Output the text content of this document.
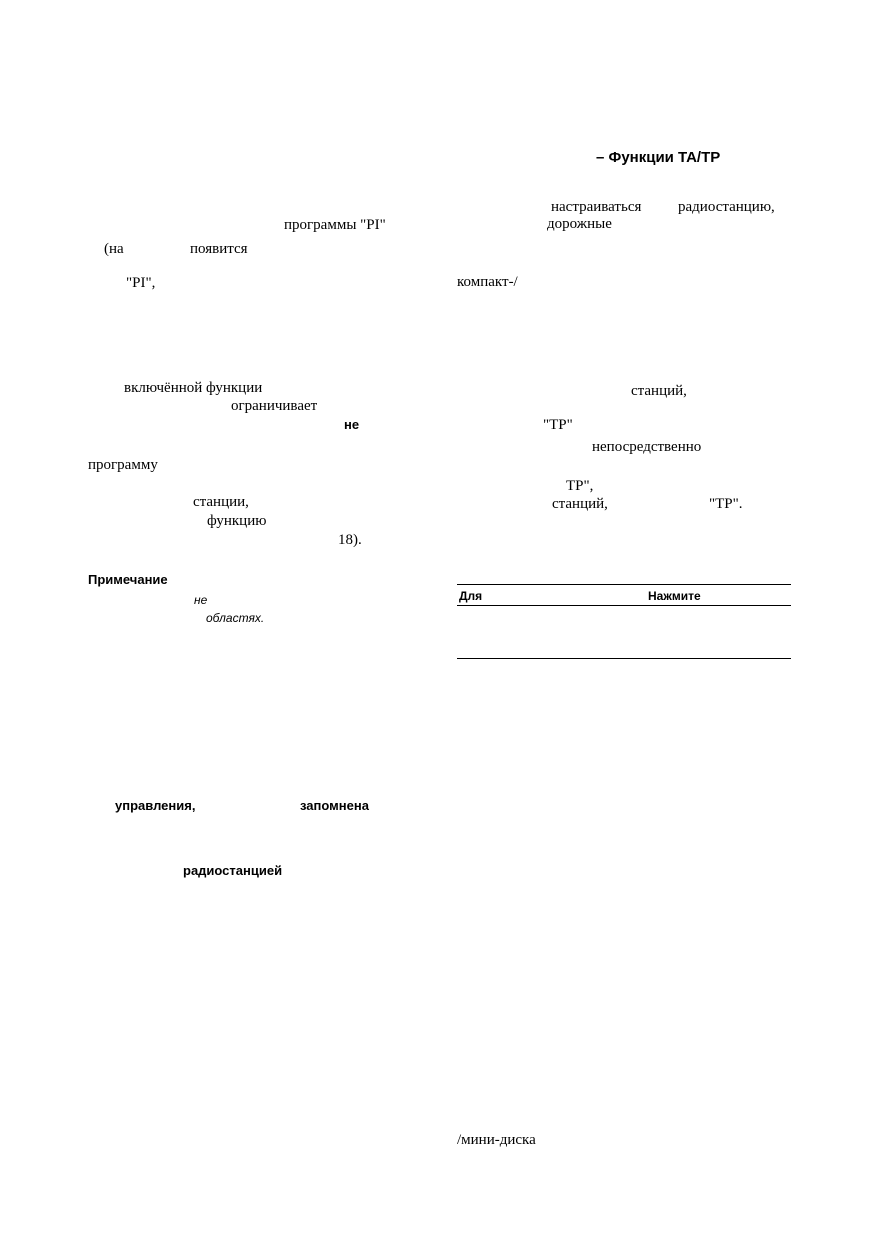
– Функции TA/TP
программы "PI"
(на	появится
"PI",
включённой функции
ограничивает
не
программу
станции,
функцию
18).
Примечание
не
областях.
управления,	запомнена
радиостанцией
настраиваться радиостанцию,
дорожные
компакт-/
станций,
"TP"
непосредственно
TP",
станций,	"TP".
Для	Нажмите
/мини-диска
